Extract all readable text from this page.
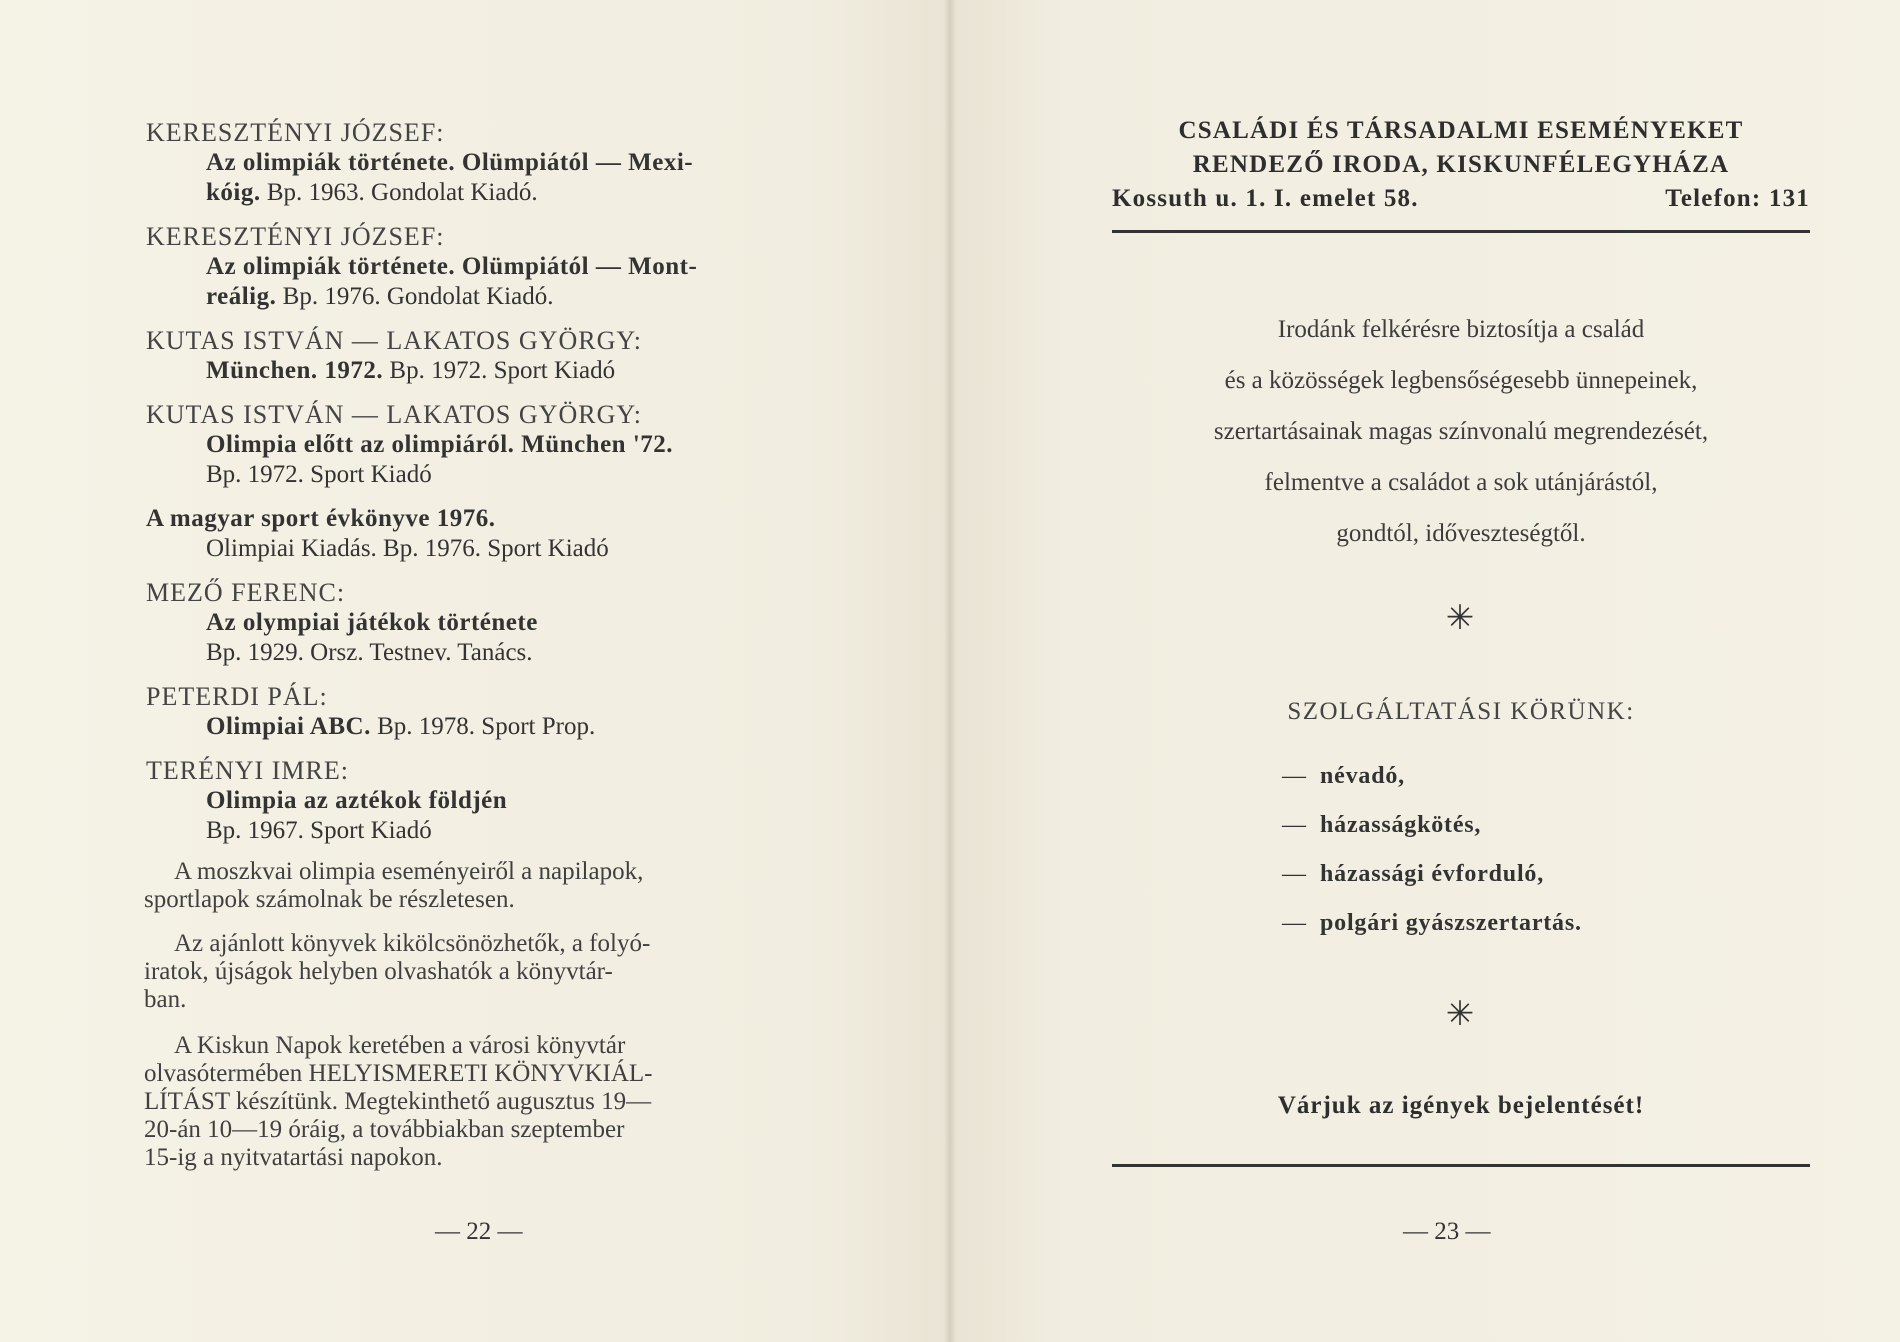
KERESZTÉNYI JÓZSEF:
Az olimpiák története. Olümpiától — Mexi-
kóig. Bp. 1963. Gondolat Kiadó.
KERESZTÉNYI JÓZSEF:
Az olimpiák története. Olümpiától — Mont-
reálig. Bp. 1976. Gondolat Kiadó.
KUTAS ISTVÁN — LAKATOS GYÖRGY:
München. 1972. Bp. 1972. Sport Kiadó
KUTAS ISTVÁN — LAKATOS GYÖRGY:
Olimpia előtt az olimpiáról. München '72.
Bp. 1972. Sport Kiadó
A magyar sport évkönyve 1976.
Olimpiai Kiadás. Bp. 1976. Sport Kiadó
MEZŐ FERENC:
Az olympiai játékok története
Bp. 1929. Orsz. Testnev. Tanács.
PETERDI PÁL:
Olimpiai ABC. Bp. 1978. Sport Prop.
TERÉNYI IMRE:
Olimpia az aztékok földjén
Bp. 1967. Sport Kiadó
A moszkvai olimpia eseményeiről a napilapok,
sportlapok számolnak be részletesen.
Az ajánlott könyvek kikölcsönözhetők, a folyó-
iratok, újságok helyben olvashatók a könyvtár-
ban.
A Kiskun Napok keretében a városi könyvtár
olvasótermében HELYISMERETI KÖNYVKIÁL-
LÍTÁST készítünk. Megtekinthető augusztus 19—
20-án 10—19 óráig, a továbbiakban szeptember
15-ig a nyitvatartási napokon.
— 22 —
CSALÁDI ÉS TÁRSADALMI ESEMÉNYEKET
RENDEZŐ IRODA, KISKUNFÉLEGYHÁZA
Kossuth u. 1. I. emelet 58.	Telefon: 131
Irodánk felkérésre biztosítja a család
és a közösségek legbensőségesebb ünnepeinek,
szertartásainak magas színvonalú megrendezését,
felmentve a családot a sok utánjárástól,
gondtól, időveszteségtől.
✳
SZOLGÁLTATÁSI KÖRÜNK:
— névadó,
— házasságkötés,
— házassági évforduló,
— polgári gyászszertartás.
✳
Várjuk az igények bejelentését!
— 23 —
